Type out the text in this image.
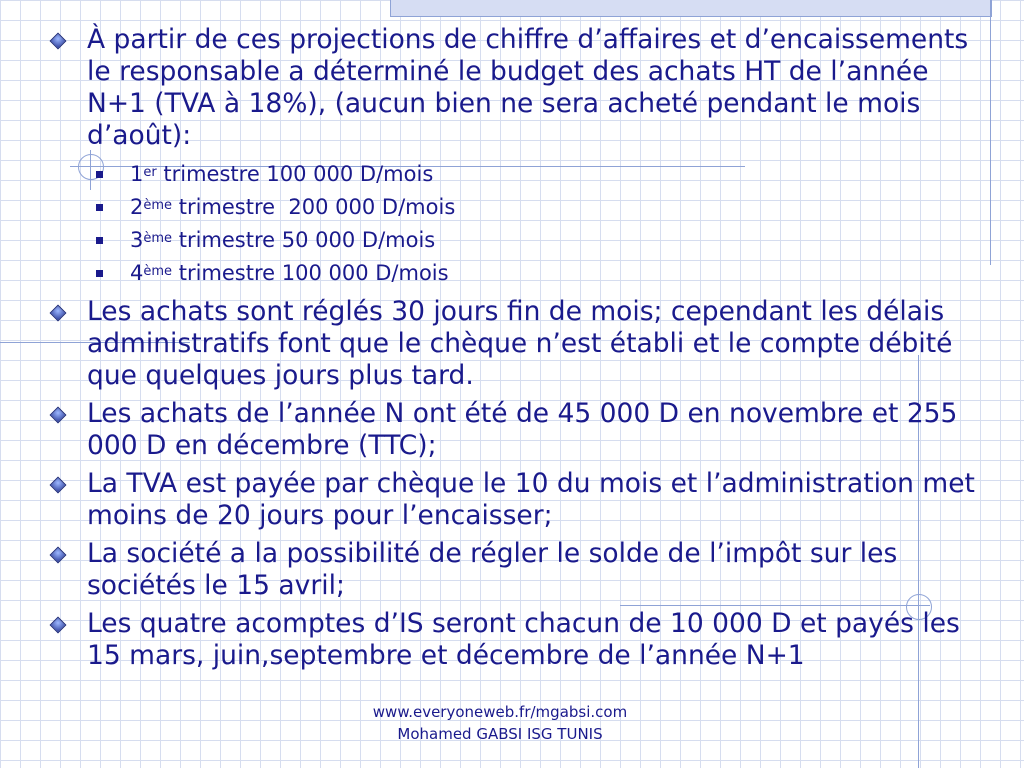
À partir de ces projections de chiffre d’affaires et d’encaissements le responsable a déterminé le budget des achats HT de l’année N+1 (TVA à 18%), (aucun bien ne sera acheté pendant le mois d’août):
1er trimestre 100 000 D/mois
2ème trimestre  200 000 D/mois
3ème trimestre 50 000 D/mois
4ème trimestre 100 000 D/mois
Les achats sont réglés 30 jours fin de mois; cependant les délais administratifs font que le chèque n’est établi et le compte débité que quelques jours plus tard.
Les achats de l’année N ont été de 45 000 D en novembre et 255 000 D en décembre (TTC);
La TVA est payée par chèque le 10 du mois et l’administration met moins de 20 jours pour l’encaisser;
La société a la possibilité de régler le solde de l’impôt sur les sociétés le 15 avril;
Les quatre acomptes d’IS seront chacun de 10 000 D et payés les 15 mars, juin,septembre et décembre de l’année N+1
www.everyoneweb.fr/mgabsi.com
Mohamed GABSI ISG TUNIS
